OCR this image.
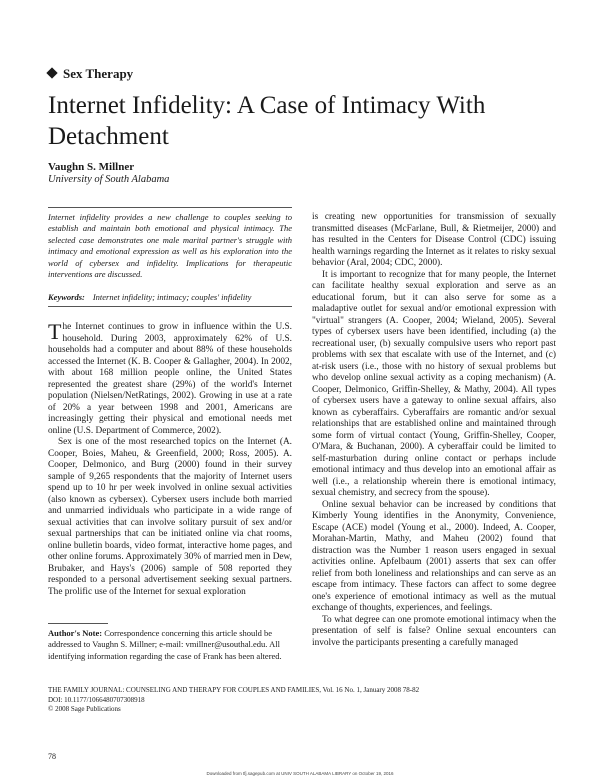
Sex Therapy
Internet Infidelity: A Case of Intimacy With Detachment
Vaughn S. Millner
University of South Alabama
Internet infidelity provides a new challenge to couples seeking to establish and maintain both emotional and physical intimacy. The selected case demonstrates one male marital partner's struggle with intimacy and emotional expression as well as his exploration into the world of cybersex and infidelity. Implications for therapeutic interventions are discussed.
Keywords: Internet infidelity; intimacy; couples' infidelity

The Internet continues to grow in influence within the U.S. household. During 2003, approximately 62% of U.S. households had a computer and about 88% of these households accessed the Internet (K. B. Cooper & Gallagher, 2004). In 2002, with about 168 million people online, the United States represented the greatest share (29%) of the world's Internet population (Nielsen/NetRatings, 2002). Growing in use at a rate of 20% a year between 1998 and 2001, Americans are increasingly getting their physical and emotional needs met online (U.S. Department of Commerce, 2002).

Sex is one of the most researched topics on the Internet (A. Cooper, Boies, Maheu, & Greenfield, 2000; Ross, 2005). A. Cooper, Delmonico, and Burg (2000) found in their survey sample of 9,265 respondents that the majority of Internet users spend up to 10 hr per week involved in online sexual activities (also known as cybersex). Cybersex users include both married and unmarried individuals who participate in a wide range of sexual activities that can involve solitary pursuit of sex and/or sexual partnerships that can be initiated online via chat rooms, online bulletin boards, video format, interactive home pages, and other online forums. Approximately 30% of married men in Dew, Brubaker, and Hays's (2006) sample of 508 reported they responded to a personal advertisement seeking sexual partners. The prolific use of the Internet for sexual exploration

Author's Note: Correspondence concerning this article should be addressed to Vaughn S. Millner; e-mail: vmillner@usouthal.edu. All identifying information regarding the case of Frank has been altered.

is creating new opportunities for transmission of sexually transmitted diseases (McFarlane, Bull, & Rietmeijer, 2000) and has resulted in the Centers for Disease Control (CDC) issuing health warnings regarding the Internet as it relates to risky sexual behavior (Aral, 2004; CDC, 2000).

It is important to recognize that for many people, the Internet can facilitate healthy sexual exploration and serve as an educational forum, but it can also serve for some as a maladaptive outlet for sexual and/or emotional expression with "virtual" strangers (A. Cooper, 2004; Wieland, 2005). Several types of cybersex users have been identified, including (a) the recreational user, (b) sexually compulsive users who report past problems with sex that escalate with use of the Internet, and (c) at-risk users (i.e., those with no history of sexual problems but who develop online sexual activity as a coping mechanism) (A. Cooper, Delmonico, Griffin-Shelley, & Mathy, 2004). All types of cybersex users have a gateway to online sexual affairs, also known as cyberaffairs. Cyberaffairs are romantic and/or sexual relationships that are established online and maintained through some form of virtual contact (Young, Griffin-Shelley, Cooper, O'Mara, & Buchanan, 2000). A cyberaffair could be limited to self-masturbation during online contact or perhaps include emotional intimacy and thus develop into an emotional affair as well (i.e., a relationship wherein there is emotional intimacy, sexual chemistry, and secrecy from the spouse).

Online sexual behavior can be increased by conditions that Kimberly Young identifies in the Anonymity, Convenience, Escape (ACE) model (Young et al., 2000). Indeed, A. Cooper, Morahan-Martin, Mathy, and Maheu (2002) found that distraction was the Number 1 reason users engaged in sexual activities online. Apfelbaum (2001) asserts that sex can offer relief from both loneliness and relationships and can serve as an escape from intimacy. These factors can affect to some degree one's experience of emotional intimacy as well as the mutual exchange of thoughts, experiences, and feelings.

To what degree can one promote emotional intimacy when the presentation of self is false? Online sexual encounters can involve the participants presenting a carefully managed

THE FAMILY JOURNAL: COUNSELING AND THERAPY FOR COUPLES AND FAMILIES, Vol. 16 No. 1, January 2008 78-82
DOI: 10.1177/1066480707308918
© 2008 Sage Publications
78
Downloaded from tfj.sagepub.com at UNIV SOUTH ALABAMA LIBRARY on October 19, 2016
